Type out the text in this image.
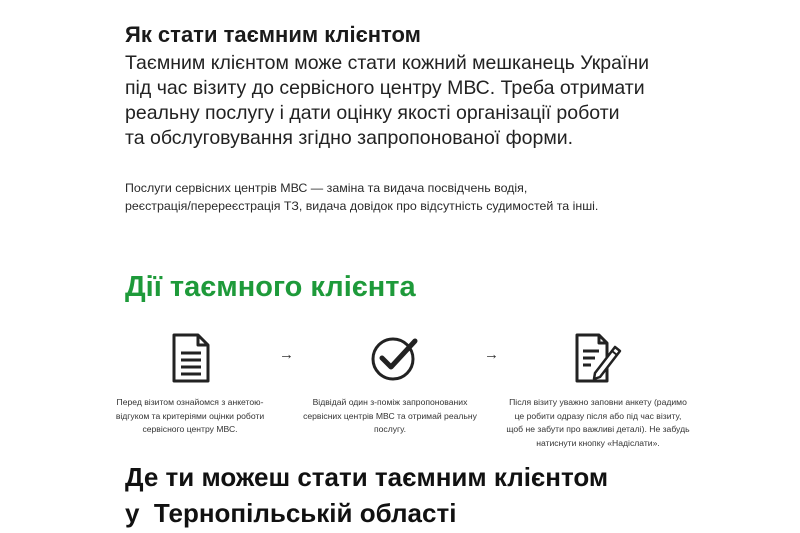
Як стати таємним клієнтом
Таємним клієнтом може стати кожний мешканець України
під час візиту до сервісного центру МВС. Треба отримати
реальну послугу і дати оцінку якості організації роботи
та обслуговування згідно запропонованої форми.
Послуги сервісних центрів МВС — заміна та видача посвідчень водія,
реєстрація/перереєстрація ТЗ, видача довідок про відсутність судимостей та інші.
Дії таємного клієнта
→	→
Перед візитом ознайомся з анкетою-
відгуком та критеріями оцінки роботи
сервісного центру МВС.
Відвідай один з-поміж запропонованих
сервісних центрів МВС та отримай реальну
послугу.
Після візиту уважно заповни анкету (радимо
це робити одразу після або під час візиту,
щоб не забути про важливі деталі). Не забудь
натиснути кнопку «Надіслати».
Де ти можеш стати таємним клієнтом
у  Тернопільській області
